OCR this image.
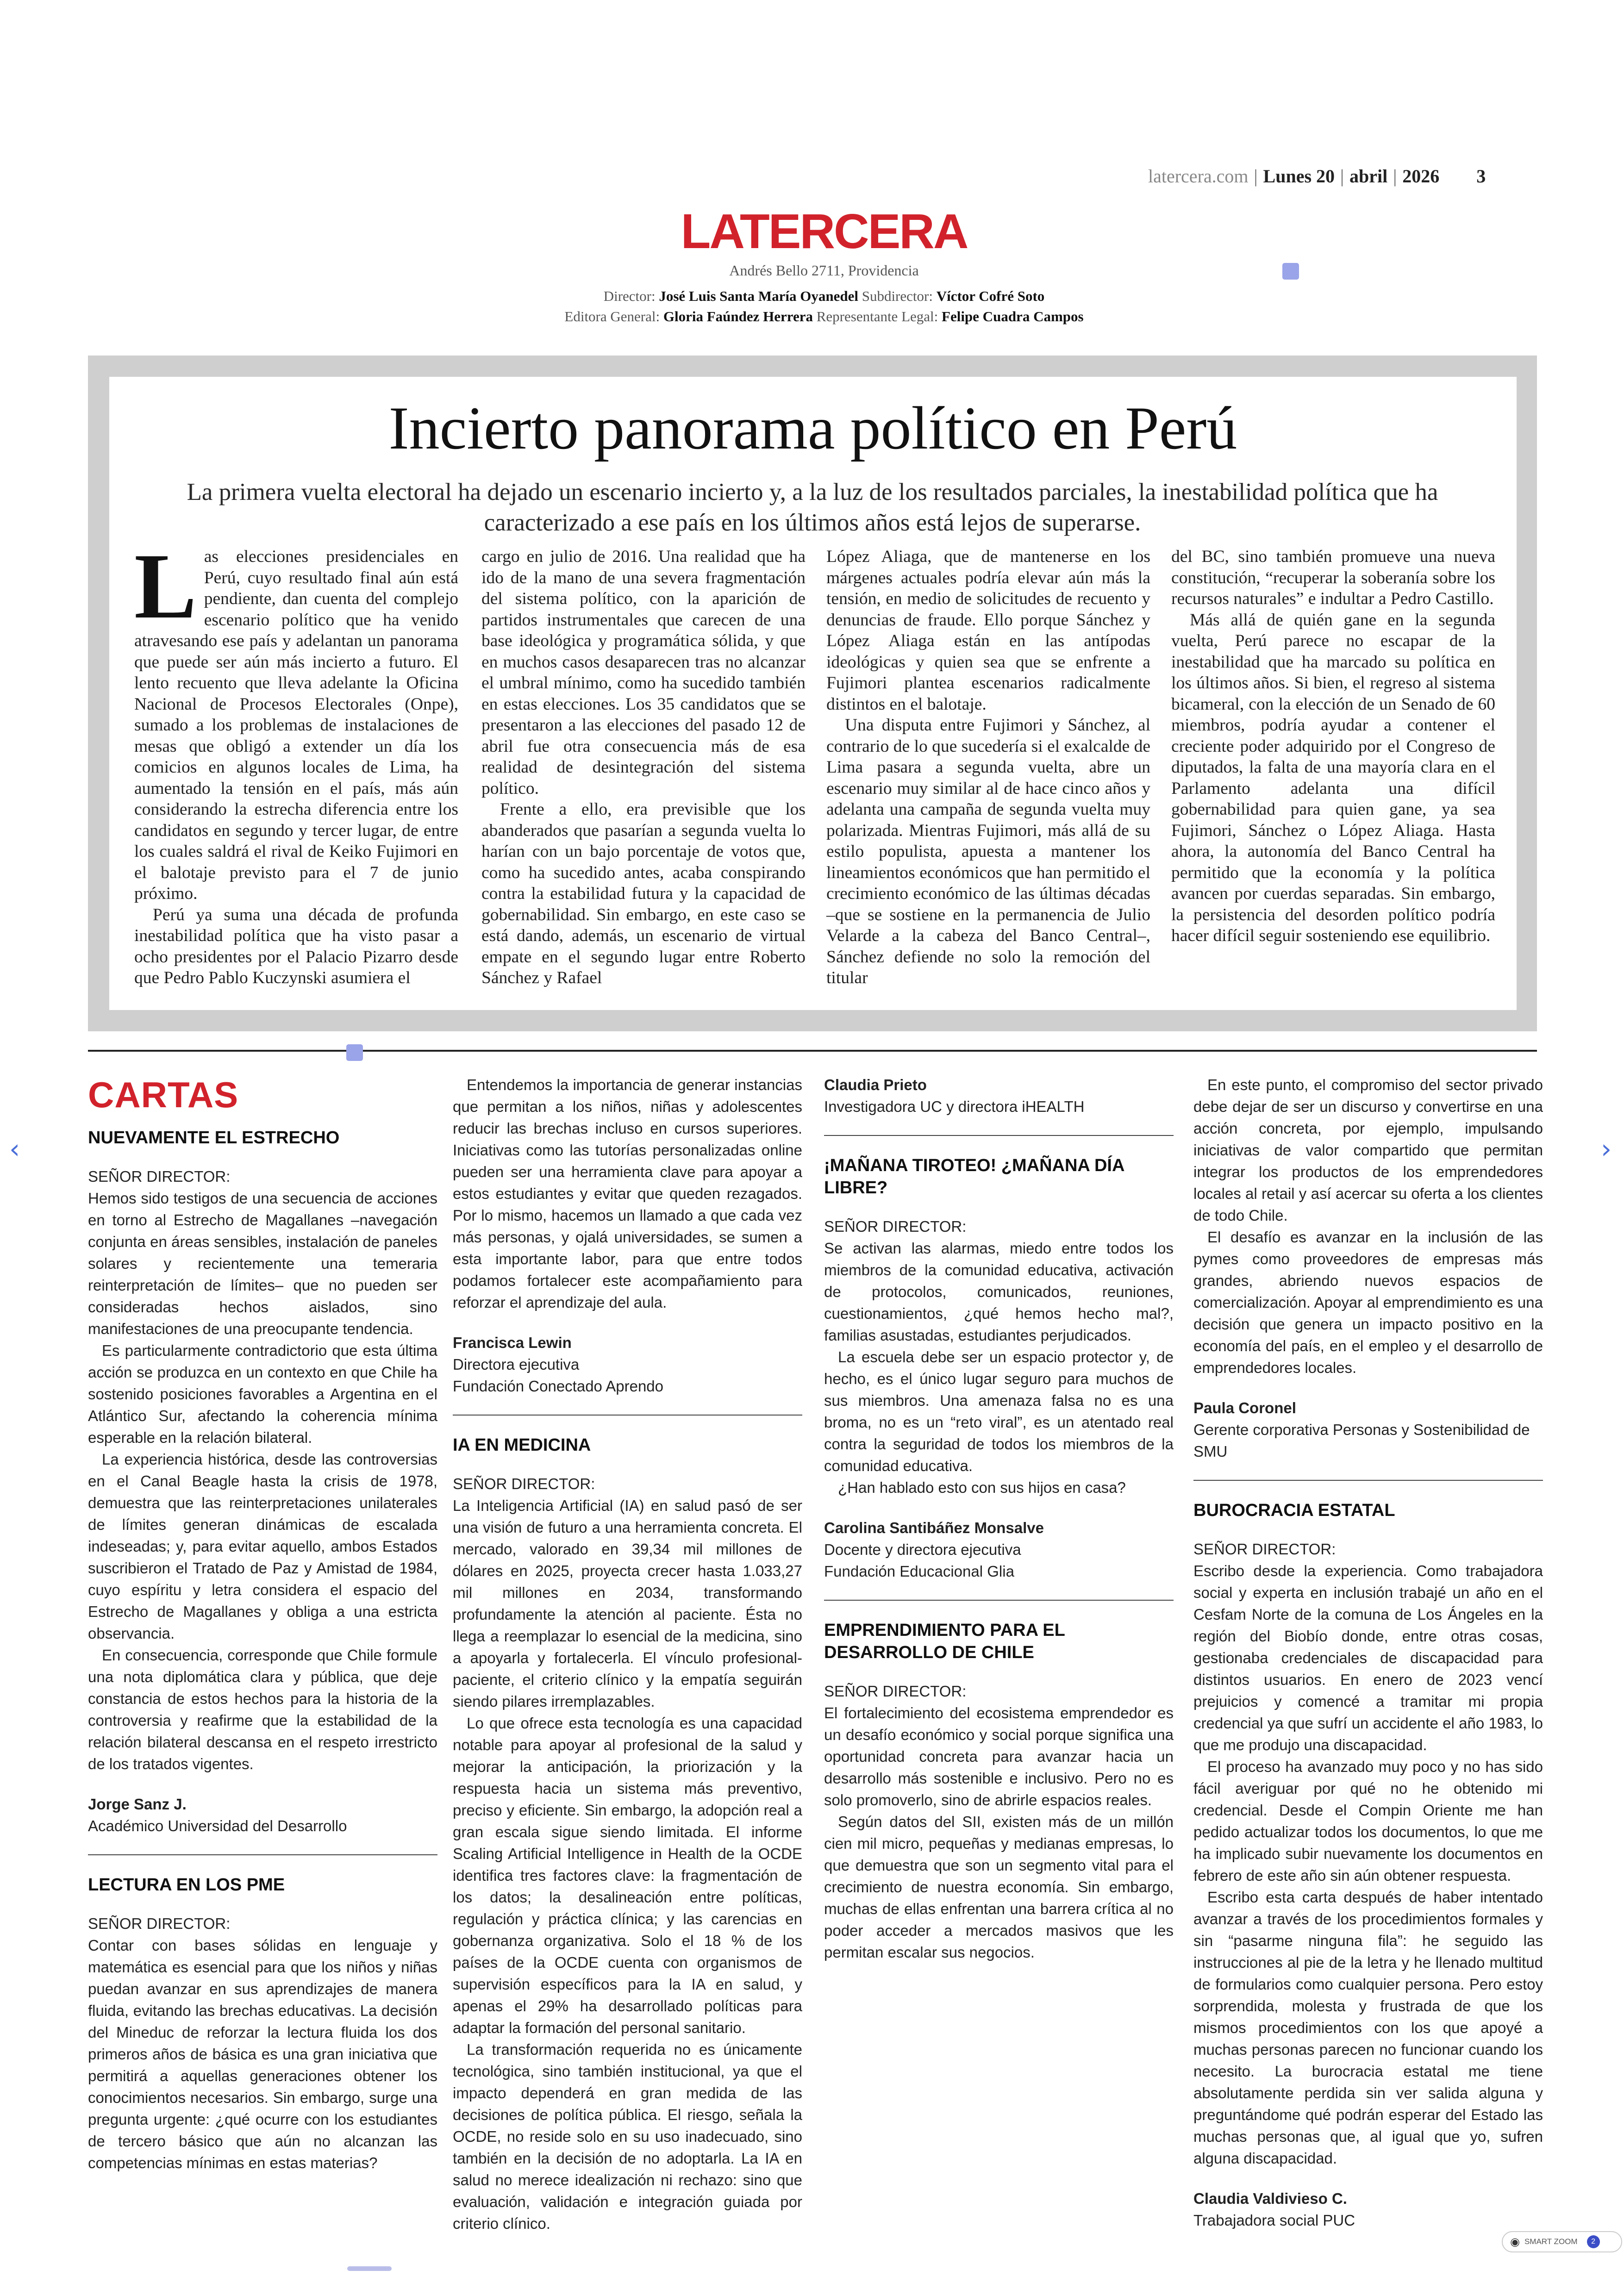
latercera.com | Lunes 20 | abril | 2026 3
LATERCERA
Andrés Bello 2711, Providencia
Director: José Luis Santa María Oyanedel Subdirector: Víctor Cofré Soto
Editora General: Gloria Faúndez Herrera Representante Legal: Felipe Cuadra Campos
Incierto panorama político en Perú
La primera vuelta electoral ha dejado un escenario incierto y, a la luz de los resultados parciales, la inestabilidad política que ha caracterizado a ese país en los últimos años está lejos de superarse.
L as elecciones presidenciales en Perú, cuyo resultado final aún está pendiente, dan cuenta del complejo escenario político que ha venido atravesando ese país y adelantan un panorama que puede ser aún más incierto a futuro. El lento recuento que lleva adelante la Oficina Nacional de Procesos Electorales (Onpe), sumado a los problemas de instalaciones de mesas que obligó a extender un día los comicios en algunos locales de Lima, ha aumentado la tensión en el país, más aún considerando la estrecha diferencia entre los candidatos en segundo y tercer lugar, de entre los cuales saldrá el rival de Keiko Fujimori en el balotaje previsto para el 7 de junio próximo.

Perú ya suma una década de profunda inestabilidad política que ha visto pasar a ocho presidentes por el Palacio Pizarro desde que Pedro Pablo Kuczynski asumiera el

cargo en julio de 2016. Una realidad que ha ido de la mano de una severa fragmentación del sistema político, con la aparición de partidos instrumentales que carecen de una base ideológica y programática sólida, y que en muchos casos desaparecen tras no alcanzar el umbral mínimo, como ha sucedido también en estas elecciones. Los 35 candidatos que se presentaron a las elecciones del pasado 12 de abril fue otra consecuencia más de esa realidad de desintegración del sistema político.

Frente a ello, era previsible que los abanderados que pasarían a segunda vuelta lo harían con un bajo porcentaje de votos que, como ha sucedido antes, acaba conspirando contra la estabilidad futura y la capacidad de gobernabilidad. Sin embargo, en este caso se está dando, además, un escenario de virtual empate en el segundo lugar entre Roberto Sánchez y Rafael

López Aliaga, que de mantenerse en los márgenes actuales podría elevar aún más la tensión, en medio de solicitudes de recuento y denuncias de fraude. Ello porque Sánchez y López Aliaga están en las antípodas ideológicas y quien sea que se enfrente a Fujimori plantea escenarios radicalmente distintos en el balotaje.

Una disputa entre Fujimori y Sánchez, al contrario de lo que sucedería si el exalcalde de Lima pasara a segunda vuelta, abre un escenario muy similar al de hace cinco años y adelanta una campaña de segunda vuelta muy polarizada. Mientras Fujimori, más allá de su estilo populista, apuesta a mantener los lineamientos económicos que han permitido el crecimiento económico de las últimas décadas –que se sostiene en la permanencia de Julio Velarde a la cabeza del Banco Central–, Sánchez defiende no solo la remoción del titular

del BC, sino también promueve una nueva constitución, “recuperar la soberanía sobre los recursos naturales” e indultar a Pedro Castillo.

Más allá de quién gane en la segunda vuelta, Perú parece no escapar de la inestabilidad que ha marcado su política en los últimos años. Si bien, el regreso al sistema bicameral, con la elección de un Senado de 60 miembros, podría ayudar a contener el creciente poder adquirido por el Congreso de diputados, la falta de una mayoría clara en el Parlamento adelanta una difícil gobernabilidad para quien gane, ya sea Fujimori, Sánchez o López Aliaga. Hasta ahora, la autonomía del Banco Central ha permitido que la economía y la política avancen por cuerdas separadas. Sin embargo, la persistencia del desorden político podría hacer difícil seguir sosteniendo ese equilibrio.

CARTAS
NUEVAMENTE EL ESTRECHO
SEÑOR DIRECTOR:

Hemos sido testigos de una secuencia de acciones en torno al Estrecho de Magallanes –navegación conjunta en áreas sensibles, instalación de paneles solares y recientemente una temeraria reinterpretación de límites– que no pueden ser consideradas hechos aislados, sino manifestaciones de una preocupante tendencia.

Es particularmente contradictorio que esta última acción se produzca en un contexto en que Chile ha sostenido posiciones favorables a Argentina en el Atlántico Sur, afectando la coherencia mínima esperable en la relación bilateral.

La experiencia histórica, desde las controversias en el Canal Beagle hasta la crisis de 1978, demuestra que las reinterpretaciones unilaterales de límites generan dinámicas de escalada indeseadas; y, para evitar aquello, ambos Estados suscribieron el Tratado de Paz y Amistad de 1984, cuyo espíritu y letra considera el espacio del Estrecho de Magallanes y obliga a una estricta observancia.

En consecuencia, corresponde que Chile formule una nota diplomática clara y pública, que deje constancia de estos hechos para la historia de la controversia y reafirme que la estabilidad de la relación bilateral descansa en el respeto irrestricto de los tratados vigentes.

Jorge Sanz J.
Académico Universidad del Desarrollo
LECTURA EN LOS PME
SEÑOR DIRECTOR:

Contar con bases sólidas en lenguaje y matemática es esencial para que los niños y niñas puedan avanzar en sus aprendizajes de manera fluida, evitando las brechas educativas. La decisión del Mineduc de reforzar la lectura fluida los dos primeros años de básica es una gran iniciativa que permitirá a aquellas generaciones obtener los conocimientos necesarios. Sin embargo, surge una pregunta urgente: ¿qué ocurre con los estudiantes de tercero básico que aún no alcanzan las competencias mínimas en estas materias?

Entendemos la importancia de generar instancias que permitan a los niños, niñas y adolescentes reducir las brechas incluso en cursos superiores. Iniciativas como las tutorías personalizadas online pueden ser una herramienta clave para apoyar a estos estudiantes y evitar que queden rezagados. Por lo mismo, hacemos un llamado a que cada vez más personas, y ojalá universidades, se sumen a esta importante labor, para que entre todos podamos fortalecer este acompañamiento para reforzar el aprendizaje del aula.

Francisca Lewin
Directora ejecutiva
Fundación Conectado Aprendo
IA EN MEDICINA
SEÑOR DIRECTOR:

La Inteligencia Artificial (IA) en salud pasó de ser una visión de futuro a una herramienta concreta. El mercado, valorado en 39,34 mil millones de dólares en 2025, proyecta crecer hasta 1.033,27 mil millones en 2034, transformando profundamente la atención al paciente. Ésta no llega a reemplazar lo esencial de la medicina, sino a apoyarla y fortalecerla. El vínculo profesional-paciente, el criterio clínico y la empatía seguirán siendo pilares irremplazables.

Lo que ofrece esta tecnología es una capacidad notable para apoyar al profesional de la salud y mejorar la anticipación, la priorización y la respuesta hacia un sistema más preventivo, preciso y eficiente. Sin embargo, la adopción real a gran escala sigue siendo limitada. El informe Scaling Artificial Intelligence in Health de la OCDE identifica tres factores clave: la fragmentación de los datos; la desalineación entre políticas, regulación y práctica clínica; y las carencias en gobernanza organizativa. Solo el 18 % de los países de la OCDE cuenta con organismos de supervisión específicos para la IA en salud, y apenas el 29% ha desarrollado políticas para adaptar la formación del personal sanitario.

La transformación requerida no es únicamente tecnológica, sino también institucional, ya que el impacto dependerá en gran medida de las decisiones de política pública. El riesgo, señala la OCDE, no reside solo en su uso inadecuado, sino también en la decisión de no adoptarla. La IA en salud no merece idealización ni rechazo: sino que evaluación, validación e integración guiada por criterio clínico.

Claudia Prieto
Investigadora UC y directora iHEALTH
¡MAÑANA TIROTEO! ¿MAÑANA DÍA LIBRE?
SEÑOR DIRECTOR:

Se activan las alarmas, miedo entre todos los miembros de la comunidad educativa, activación de protocolos, comunicados, reuniones, cuestionamientos, ¿qué hemos hecho mal?, familias asustadas, estudiantes perjudicados.

La escuela debe ser un espacio protector y, de hecho, es el único lugar seguro para muchos de sus miembros. Una amenaza falsa no es una broma, no es un “reto viral”, es un atentado real contra la seguridad de todos los miembros de la comunidad educativa.

¿Han hablado esto con sus hijos en casa?

Carolina Santibáñez Monsalve
Docente y directora ejecutiva
Fundación Educacional Glia
EMPRENDIMIENTO PARA EL DESARROLLO DE CHILE
SEÑOR DIRECTOR:

El fortalecimiento del ecosistema emprendedor es un desafío económico y social porque significa una oportunidad concreta para avanzar hacia un desarrollo más sostenible e inclusivo. Pero no es solo promoverlo, sino de abrirle espacios reales.

Según datos del SII, existen más de un millón cien mil micro, pequeñas y medianas empresas, lo que demuestra que son un segmento vital para el crecimiento de nuestra economía. Sin embargo, muchas de ellas enfrentan una barrera crítica al no poder acceder a mercados masivos que les permitan escalar sus negocios.

En este punto, el compromiso del sector privado debe dejar de ser un discurso y convertirse en una acción concreta, por ejemplo, impulsando iniciativas de valor compartido que permitan integrar los productos de los emprendedores locales al retail y así acercar su oferta a los clientes de todo Chile.

El desafío es avanzar en la inclusión de las pymes como proveedores de empresas más grandes, abriendo nuevos espacios de comercialización. Apoyar al emprendimiento es una decisión que genera un impacto positivo en la economía del país, en el empleo y el desarrollo de emprendedores locales.

Paula Coronel
Gerente corporativa Personas y Sostenibilidad de SMU
BUROCRACIA ESTATAL
SEÑOR DIRECTOR:

Escribo desde la experiencia. Como trabajadora social y experta en inclusión trabajé un año en el Cesfam Norte de la comuna de Los Ángeles en la región del Biobío donde, entre otras cosas, gestionaba credenciales de discapacidad para distintos usuarios. En enero de 2023 vencí prejuicios y comencé a tramitar mi propia credencial ya que sufrí un accidente el año 1983, lo que me produjo una discapacidad.

El proceso ha avanzado muy poco y no has sido fácil averiguar por qué no he obtenido mi credencial. Desde el Compin Oriente me han pedido actualizar todos los documentos, lo que me ha implicado subir nuevamente los documentos en febrero de este año sin aún obtener respuesta.

Escribo esta carta después de haber intentado avanzar a través de los procedimientos formales y sin “pasarme ninguna fila”: he seguido las instrucciones al pie de la letra y he llenado multitud de formularios como cualquier persona. Pero estoy sorprendida, molesta y frustrada de que los mismos procedimientos con los que apoyé a muchas personas parecen no funcionar cuando los necesito. La burocracia estatal me tiene absolutamente perdida sin ver salida alguna y preguntándome qué podrán esperar del Estado las muchas personas que, al igual que yo, sufren alguna discapacidad.

Claudia Valdivieso C.
Trabajadora social PUC
‹	›
◉ SMART ZOOM	2
